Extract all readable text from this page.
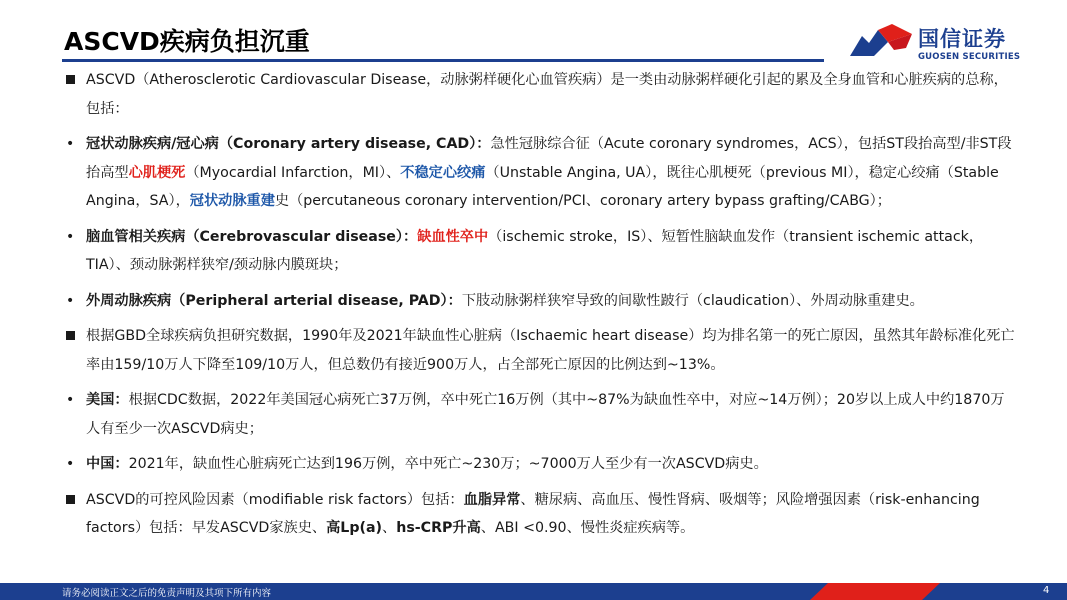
ASCVD疾病负担沉重	国信证券
GUOSEN SECURITIES
ASCVD（Atherosclerotic Cardiovascular Disease，动脉粥样硬化心血管疾病）是一类由动脉粥样硬化引起的累及全身血管和心脏疾病的总称，包括：
• 冠状动脉疾病/冠心病（Coronary artery disease, CAD）：急性冠脉综合征（Acute coronary syndromes，ACS），包括ST段抬高型/非ST段抬高型心肌梗死（Myocardial Infarction，MI）、不稳定心绞痛（Unstable Angina, UA），既往心肌梗死（previous MI），稳定心绞痛（Stable Angina，SA），冠状动脉重建史（percutaneous coronary intervention/PCI、coronary artery bypass grafting/CABG）；
• 脑血管相关疾病（Cerebrovascular disease）：缺血性卒中（ischemic stroke，IS）、短暂性脑缺血发作（transient ischemic attack，TIA）、颈动脉粥样狭窄/颈动脉内膜斑块；
• 外周动脉疾病（Peripheral arterial disease, PAD）：下肢动脉粥样狭窄导致的间歇性跛行（claudication）、外周动脉重建史。
根据GBD全球疾病负担研究数据，1990年及2021年缺血性心脏病（Ischaemic heart disease）均为排名第一的死亡原因，虽然其年龄标准化死亡率由159/10万人下降至109/10万人，但总数仍有接近900万人，占全部死亡原因的比例达到~13%。
• 美国：根据CDC数据，2022年美国冠心病死亡37万例，卒中死亡16万例（其中~87%为缺血性卒中，对应~14万例）；20岁以上成人中约1870万人有至少一次ASCVD病史；
• 中国：2021年，缺血性心脏病死亡达到196万例，卒中死亡~230万；~7000万人至少有一次ASCVD病史。
ASCVD的可控风险因素（modifiable risk factors）包括：血脂异常、糖尿病、高血压、慢性肾病、吸烟等；风险增强因素（risk-enhancing factors）包括：早发ASCVD家族史、高Lp(a)、hs-CRP升高、ABI <0.90、慢性炎症疾病等。
请务必阅读正文之后的免责声明及其项下所有内容	4
